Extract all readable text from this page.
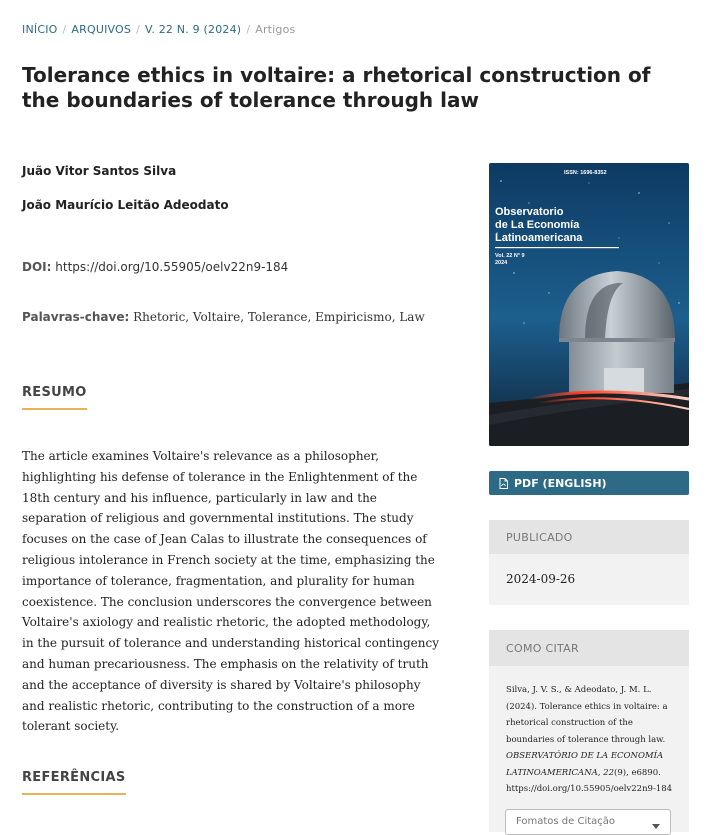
INÍCIO / ARQUIVOS / V. 22 N. 9 (2024) / Artigos
Tolerance ethics in voltaire: a rhetorical construction of the boundaries of tolerance through law
Juão Vitor Santos Silva
João Maurício Leitão Adeodato
DOI: https://doi.org/10.55905/oelv22n9-184
Palavras-chave: Rhetoric, Voltaire, Tolerance, Empiricismo, Law
RESUMO

The article examines Voltaire's relevance as a philosopher, highlighting his defense of tolerance in the Enlightenment of the 18th century and his influence, particularly in law and the separation of religious and governmental institutions. The study focuses on the case of Jean Calas to illustrate the consequences of religious intolerance in French society at the time, emphasizing the importance of tolerance, fragmentation, and plurality for human coexistence. The conclusion underscores the convergence between Voltaire's axiology and realistic rhetoric, the adopted methodology, in the pursuit of tolerance and understanding historical contingency and human precariousness. The emphasis on the relativity of truth and the acceptance of diversity is shared by Voltaire's philosophy and realistic rhetoric, contributing to the construction of a more tolerant society.

REFERÊNCIAS
ISSN: 1696-8352
Observatorio
de La Economía
Latinoamericana
Vol. 22 N° 9
2024
PDF (ENGLISH)
PUBLICADO
2024-09-26
COMO CITAR
Silva, J. V. S., & Adeodato, J. M. L. (2024). Tolerance ethics in voltaire: a rhetorical construction of the boundaries of tolerance through law. OBSERVATÓRIO DE LA ECONOMÍA LATINOAMERICANA, 22(9), e6890. https://doi.org/10.55905/oelv22n9-184
Fomatos de Citação
